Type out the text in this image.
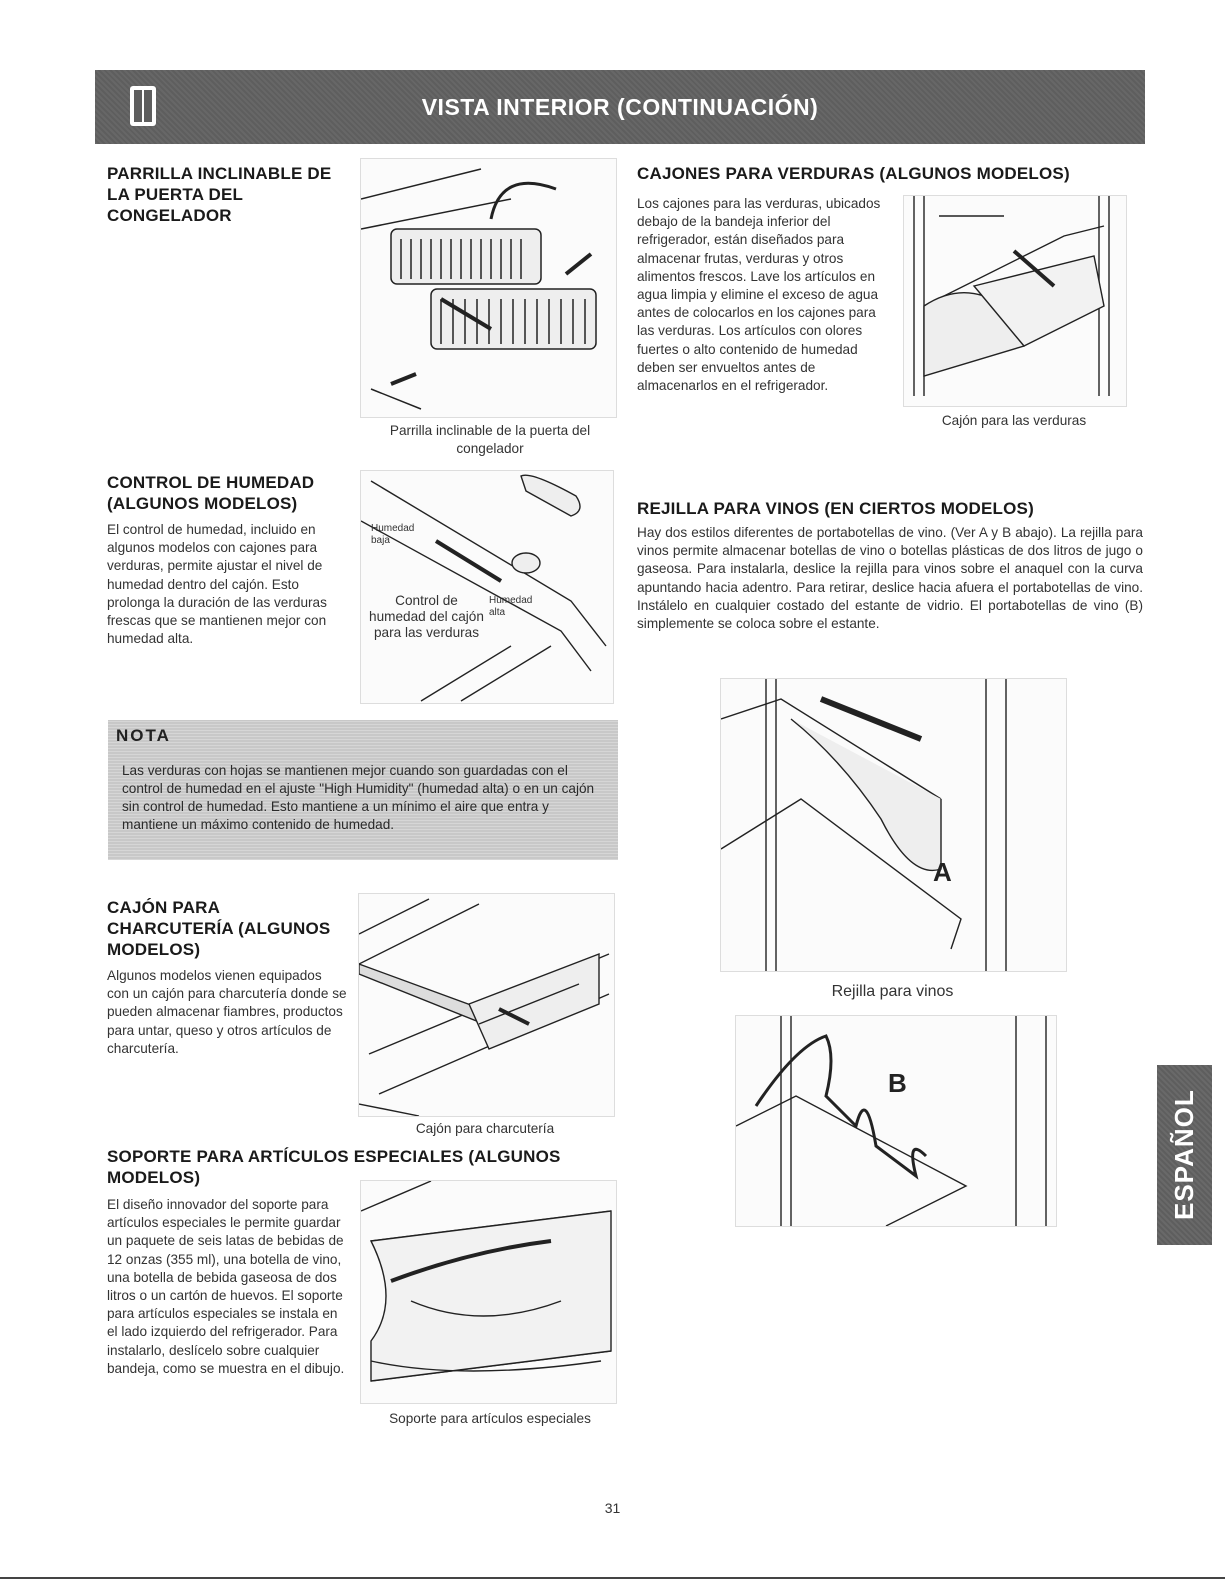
VISTA INTERIOR (CONTINUACIÓN)
PARRILLA INCLINABLE DE LA PUERTA DEL CONGELADOR
Parrilla inclinable de la puerta del congelador
CONTROL DE HUMEDAD (ALGUNOS MODELOS)
El control de humedad, incluido en algunos modelos con cajones para verduras, permite ajustar el nivel de humedad dentro del cajón. Esto prolonga la duración de las verduras frescas que se mantienen mejor con humedad alta.
Humedad baja
Humedad alta
Control de humedad del cajón para las verduras
NOTA
Las verduras con hojas se mantienen mejor cuando son guardadas con el control de humedad en el ajuste "High Humidity" (humedad alta) o en un cajón sin control de humedad. Esto mantiene a un mínimo el aire que entra y mantiene un máximo contenido de humedad.
CAJÓN PARA CHARCUTERÍA (ALGUNOS MODELOS)
Algunos modelos vienen equipados con un cajón para charcutería donde se pueden almacenar fiambres, productos para untar, queso y otros artículos de charcutería.
Cajón para charcutería
SOPORTE PARA ARTÍCULOS ESPECIALES (ALGUNOS MODELOS)
El diseño innovador del soporte para artículos especiales le permite guardar un paquete de seis latas de bebidas de 12 onzas (355 ml), una botella de vino, una botella de bebida gaseosa de dos litros o un cartón de huevos. El soporte para artículos especiales se instala en el lado izquierdo del refrigerador. Para instalarlo, deslícelo sobre cualquier bandeja, como se muestra en el dibujo.
Soporte para artículos especiales
CAJONES PARA VERDURAS (ALGUNOS MODELOS)
Los cajones para las verduras, ubicados debajo de la bandeja inferior del refrigerador, están diseñados para almacenar frutas, verduras y otros alimentos frescos. Lave los artículos en agua limpia y elimine el exceso de agua antes de colocarlos en los cajones para las verduras. Los artículos con olores fuertes o alto contenido de humedad deben ser envueltos antes de almacenarlos en el refrigerador.
Cajón para las verduras
REJILLA PARA VINOS (EN CIERTOS MODELOS)
Hay dos estilos diferentes de portabotellas de vino. (Ver A y B abajo). La rejilla para vinos permite almacenar botellas de vino o botellas plásticas de dos litros de jugo o gaseosa. Para instalarla, deslice la rejilla para vinos sobre el anaquel con la curva apuntando hacia adentro. Para retirar, deslice hacia afuera el portabotellas de vino. Instálelo en cualquier costado del estante de vidrio. El portabotellas de vino (B) simplemente se coloca sobre el estante.
A
Rejilla para vinos
B
ESPAÑOL
31
